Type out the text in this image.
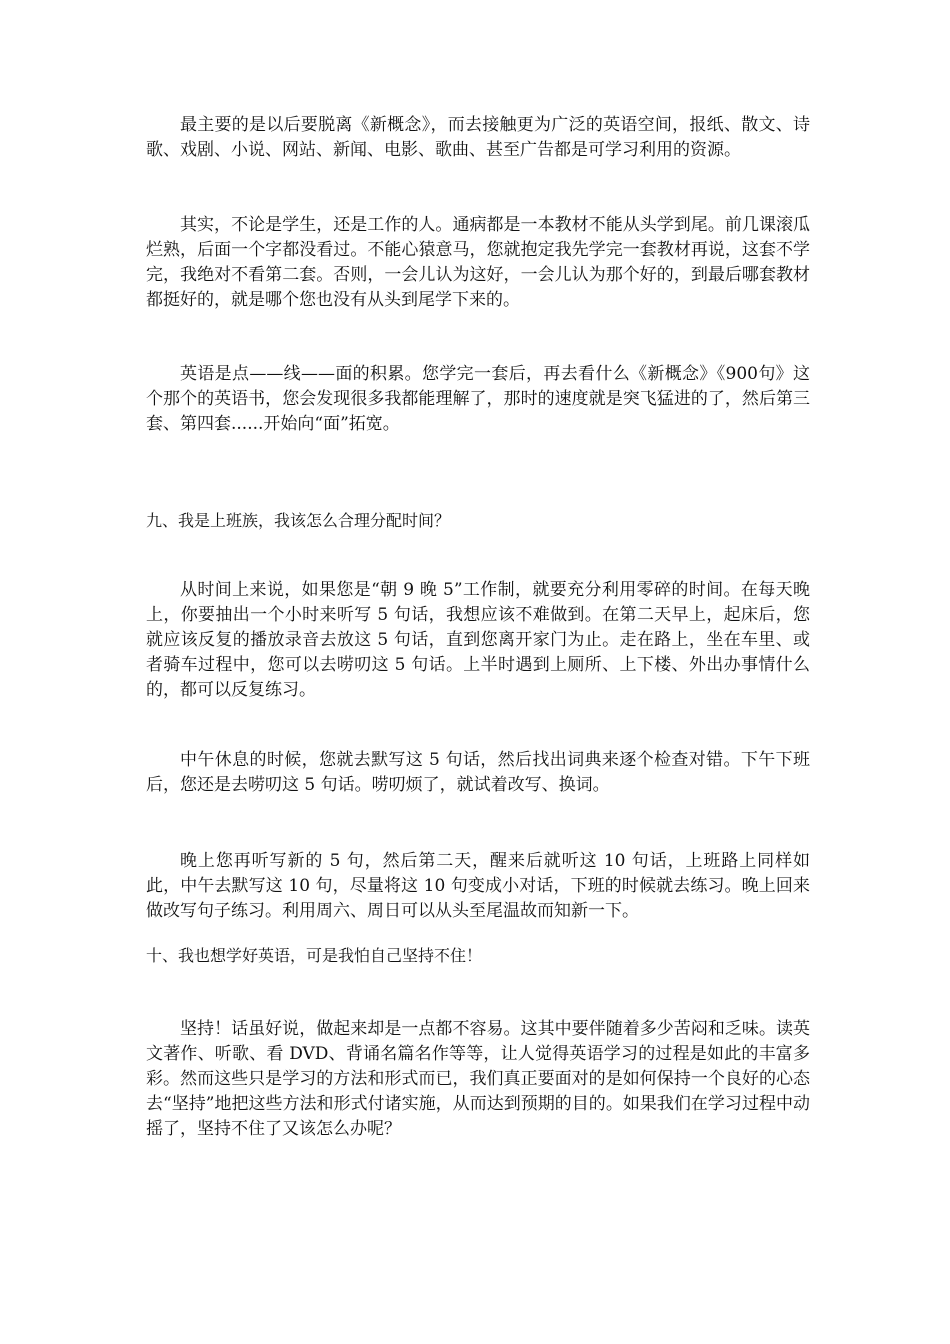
最主要的是以后要脱离《新概念》，而去接触更为广泛的英语空间，报纸、散文、诗歌、戏剧、小说、网站、新闻、电影、歌曲、甚至广告都是可学习利用的资源。

其实，不论是学生，还是工作的人。通病都是一本教材不能从头学到尾。前几课滚瓜烂熟，后面一个字都没看过。不能心猿意马，您就抱定我先学完一套教材再说，这套不学完，我绝对不看第二套。否则，一会儿认为这好，一会儿认为那个好的，到最后哪套教材都挺好的，就是哪个您也没有从头到尾学下来的。

英语是点——线——面的积累。您学完一套后，再去看什么《新概念》《900句》这个那个的英语书，您会发现很多我都能理解了，那时的速度就是突飞猛进的了，然后第三套、第四套......开始向“面”拓宽。

九、我是上班族，我该怎么合理分配时间？

从时间上来说，如果您是“朝 9 晚 5”工作制，就要充分利用零碎的时间。在每天晚上，你要抽出一个小时来听写 5 句话，我想应该不难做到。在第二天早上，起床后，您就应该反复的播放录音去放这 5 句话，直到您离开家门为止。走在路上，坐在车里、或者骑车过程中，您可以去唠叨这 5 句话。上半时遇到上厕所、上下楼、外出办事情什么的，都可以反复练习。

中午休息的时候，您就去默写这 5 句话，然后找出词典来逐个检查对错。下午下班后，您还是去唠叨这 5 句话。唠叨烦了，就试着改写、换词。

晚上您再听写新的 5 句，然后第二天，醒来后就听这 10 句话，上班路上同样如此，中午去默写这 10 句，尽量将这 10 句变成小对话，下班的时候就去练习。晚上回来做改写句子练习。利用周六、周日可以从头至尾温故而知新一下。

十、我也想学好英语，可是我怕自己坚持不住！

坚持！话虽好说，做起来却是一点都不容易。这其中要伴随着多少苦闷和乏味。读英文著作、听歌、看 DVD、背诵名篇名作等等，让人觉得英语学习的过程是如此的丰富多彩。然而这些只是学习的方法和形式而已，我们真正要面对的是如何保持一个良好的心态去“坚持”地把这些方法和形式付诸实施，从而达到预期的目的。如果我们在学习过程中动摇了，坚持不住了又该怎么办呢？
